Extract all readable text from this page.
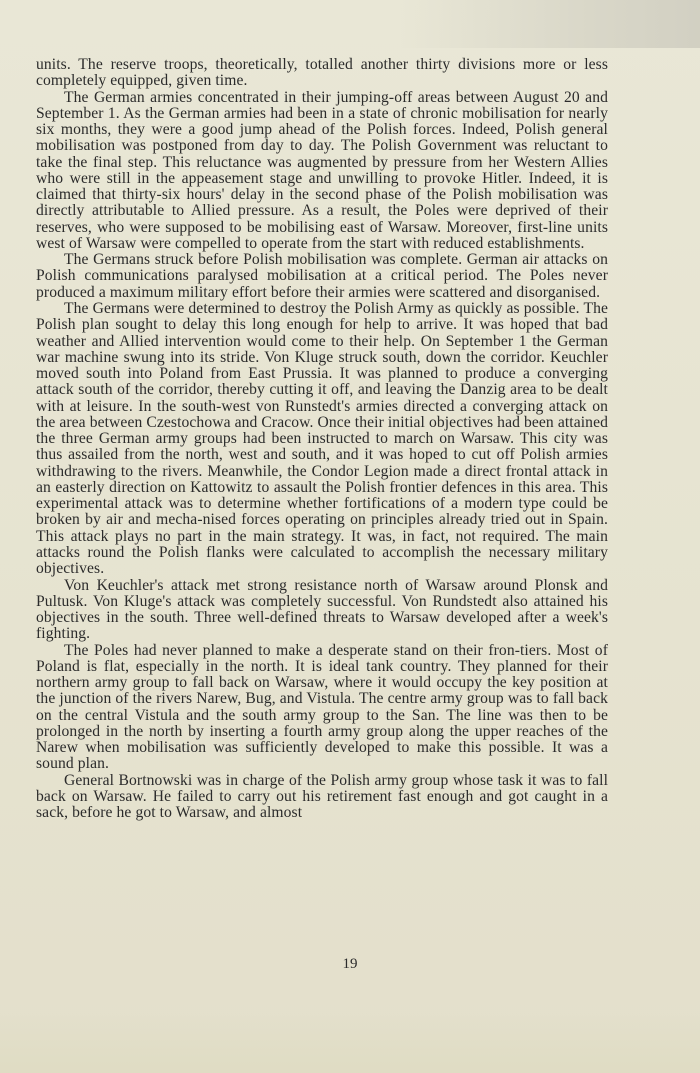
units. The reserve troops, theoretically, totalled another thirty divisions more or less completely equipped, given time.

The German armies concentrated in their jumping-off areas between August 20 and September 1. As the German armies had been in a state of chronic mobilisation for nearly six months, they were a good jump ahead of the Polish forces. Indeed, Polish general mobilisation was postponed from day to day. The Polish Government was reluctant to take the final step. This reluctance was augmented by pressure from her Western Allies who were still in the appeasement stage and unwilling to provoke Hitler. Indeed, it is claimed that thirty-six hours' delay in the second phase of the Polish mobilisation was directly attributable to Allied pressure. As a result, the Poles were deprived of their reserves, who were supposed to be mobilising east of Warsaw. Moreover, first-line units west of Warsaw were compelled to operate from the start with reduced establishments.

The Germans struck before Polish mobilisation was complete. German air attacks on Polish communications paralysed mobilisation at a critical period. The Poles never produced a maximum military effort before their armies were scattered and disorganised.

The Germans were determined to destroy the Polish Army as quickly as possible. The Polish plan sought to delay this long enough for help to arrive. It was hoped that bad weather and Allied intervention would come to their help. On September 1 the German war machine swung into its stride. Von Kluge struck south, down the corridor. Keuchler moved south into Poland from East Prussia. It was planned to produce a converging attack south of the corridor, thereby cutting it off, and leaving the Danzig area to be dealt with at leisure. In the south-west von Runstedt's armies directed a converging attack on the area between Czestochowa and Cracow. Once their initial objectives had been attained the three German army groups had been instructed to march on Warsaw. This city was thus assailed from the north, west and south, and it was hoped to cut off Polish armies withdrawing to the rivers. Meanwhile, the Condor Legion made a direct frontal attack in an easterly direction on Kattowitz to assault the Polish frontier defences in this area. This experimental attack was to determine whether fortifications of a modern type could be broken by air and mecha-nised forces operating on principles already tried out in Spain. This attack plays no part in the main strategy. It was, in fact, not required. The main attacks round the Polish flanks were calculated to accomplish the necessary military objectives.

Von Keuchler's attack met strong resistance north of Warsaw around Plonsk and Pultusk. Von Kluge's attack was completely successful. Von Rundstedt also attained his objectives in the south. Three well-defined threats to Warsaw developed after a week's fighting.

The Poles had never planned to make a desperate stand on their fron-tiers. Most of Poland is flat, especially in the north. It is ideal tank country. They planned for their northern army group to fall back on Warsaw, where it would occupy the key position at the junction of the rivers Narew, Bug, and Vistula. The centre army group was to fall back on the central Vistula and the south army group to the San. The line was then to be prolonged in the north by inserting a fourth army group along the upper reaches of the Narew when mobilisation was sufficiently developed to make this possible. It was a sound plan.

General Bortnowski was in charge of the Polish army group whose task it was to fall back on Warsaw. He failed to carry out his retirement fast enough and got caught in a sack, before he got to Warsaw, and almost

19
